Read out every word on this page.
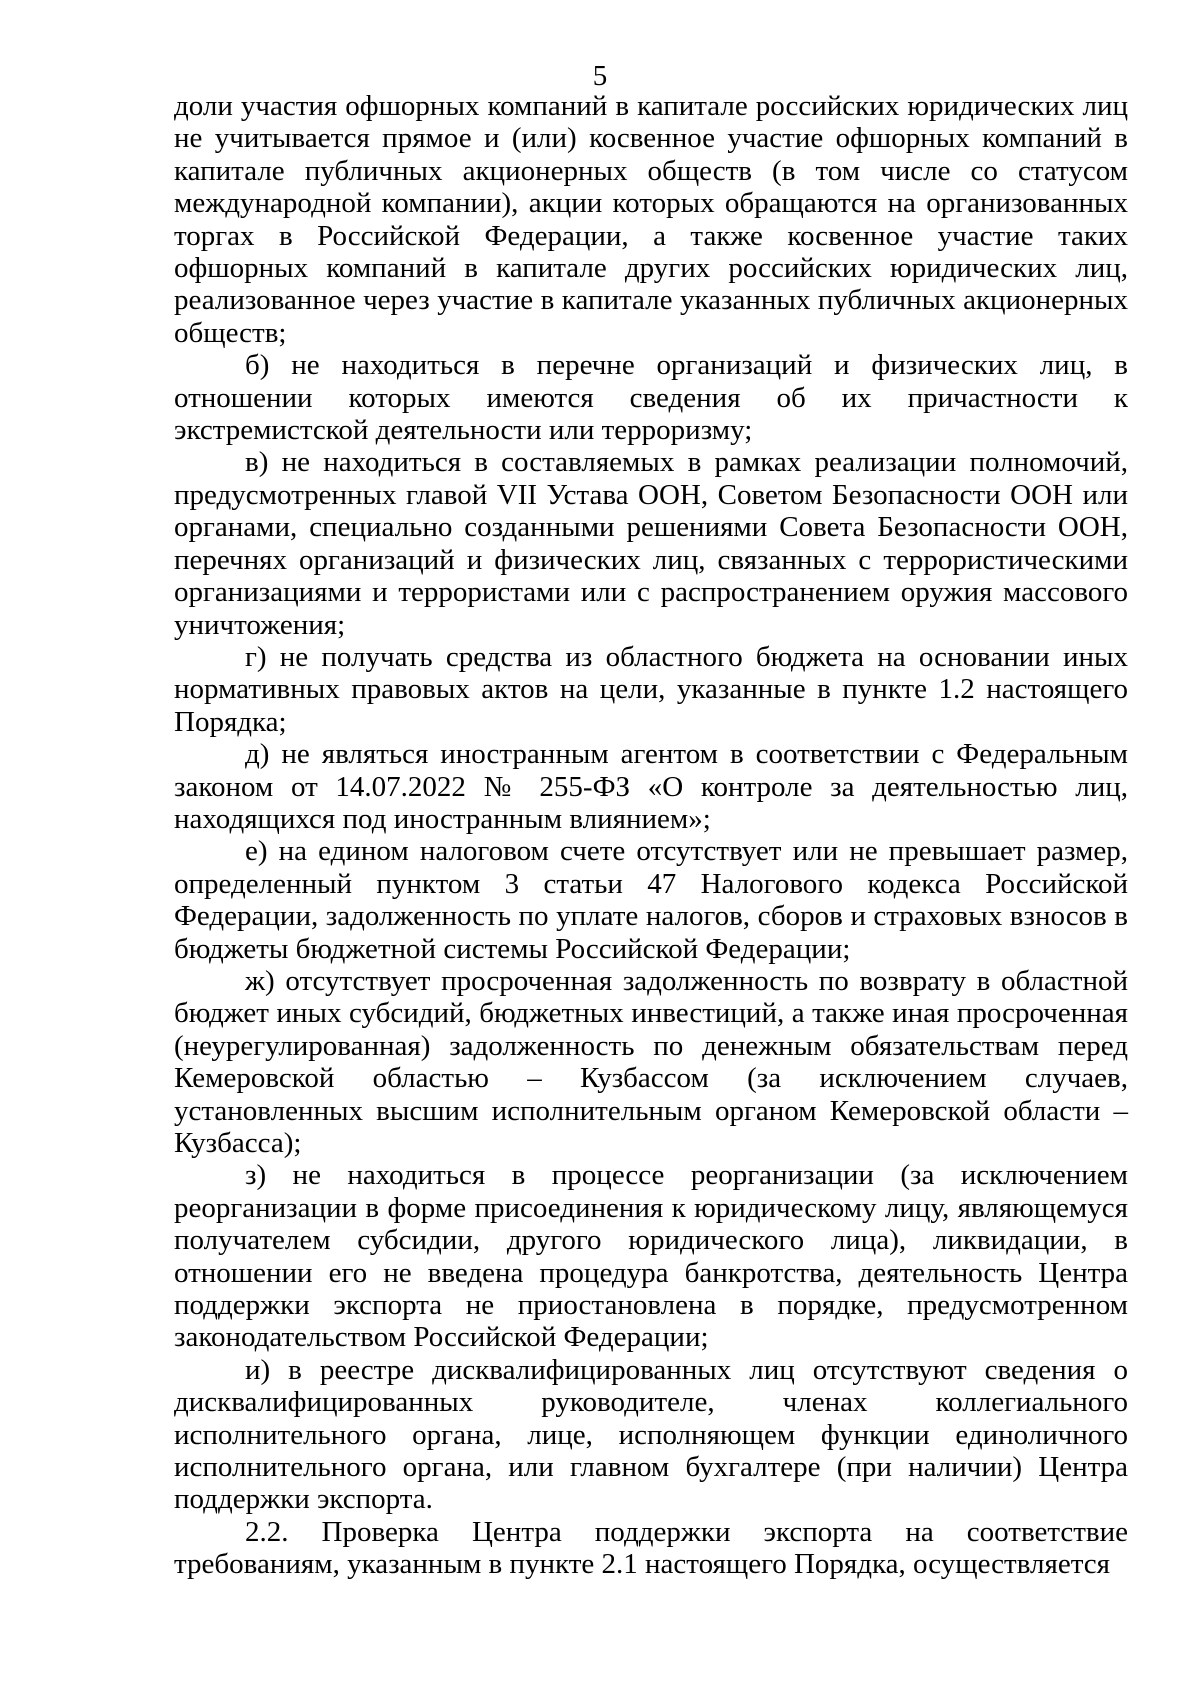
5

доли участия офшорных компаний в капитале российских юридических лиц не учитывается прямое и (или) косвенное участие офшорных компаний в капитале публичных акционерных обществ (в том числе со статусом международной компании), акции которых обращаются на организованных торгах в Российской Федерации, а также косвенное участие таких офшорных компаний в капитале других российских юридических лиц, реализованное через участие в капитале указанных публичных акционерных обществ;

б) не находиться в перечне организаций и физических лиц, в отношении которых имеются сведения об их причастности к экстремистской деятельности или терроризму;

в) не находиться в составляемых в рамках реализации полномочий, предусмотренных главой VII Устава ООН, Советом Безопасности ООН или органами, специально созданными решениями Совета Безопасности ООН, перечнях организаций и физических лиц, связанных с террористическими организациями и террористами или с распространением оружия массового уничтожения;

г) не получать средства из областного бюджета на основании иных нормативных правовых актов на цели, указанные в пункте 1.2 настоящего Порядка;

д) не являться иностранным агентом в соответствии с Федеральным законом от 14.07.2022 № 255-ФЗ «О контроле за деятельностью лиц, находящихся под иностранным влиянием»;

е) на едином налоговом счете отсутствует или не превышает размер, определенный пунктом 3 статьи 47 Налогового кодекса Российской Федерации, задолженность по уплате налогов, сборов и страховых взносов в бюджеты бюджетной системы Российской Федерации;

ж) отсутствует просроченная задолженность по возврату в областной бюджет иных субсидий, бюджетных инвестиций, а также иная просроченная (неурегулированная) задолженность по денежным обязательствам перед Кемеровской областью – Кузбассом (за исключением случаев, установленных высшим исполнительным органом Кемеровской области – Кузбасса);

з) не находиться в процессе реорганизации (за исключением реорганизации в форме присоединения к юридическому лицу, являющемуся получателем субсидии, другого юридического лица), ликвидации, в отношении его не введена процедура банкротства, деятельность Центра поддержки экспорта не приостановлена в порядке, предусмотренном законодательством Российской Федерации;

и) в реестре дисквалифицированных лиц отсутствуют сведения о дисквалифицированных руководителе, членах коллегиального исполнительного органа, лице, исполняющем функции единоличного исполнительного органа, или главном бухгалтере (при наличии) Центра поддержки экспорта.

2.2. Проверка Центра поддержки экспорта на соответствие требованиям, указанным в пункте 2.1 настоящего Порядка, осуществляется
